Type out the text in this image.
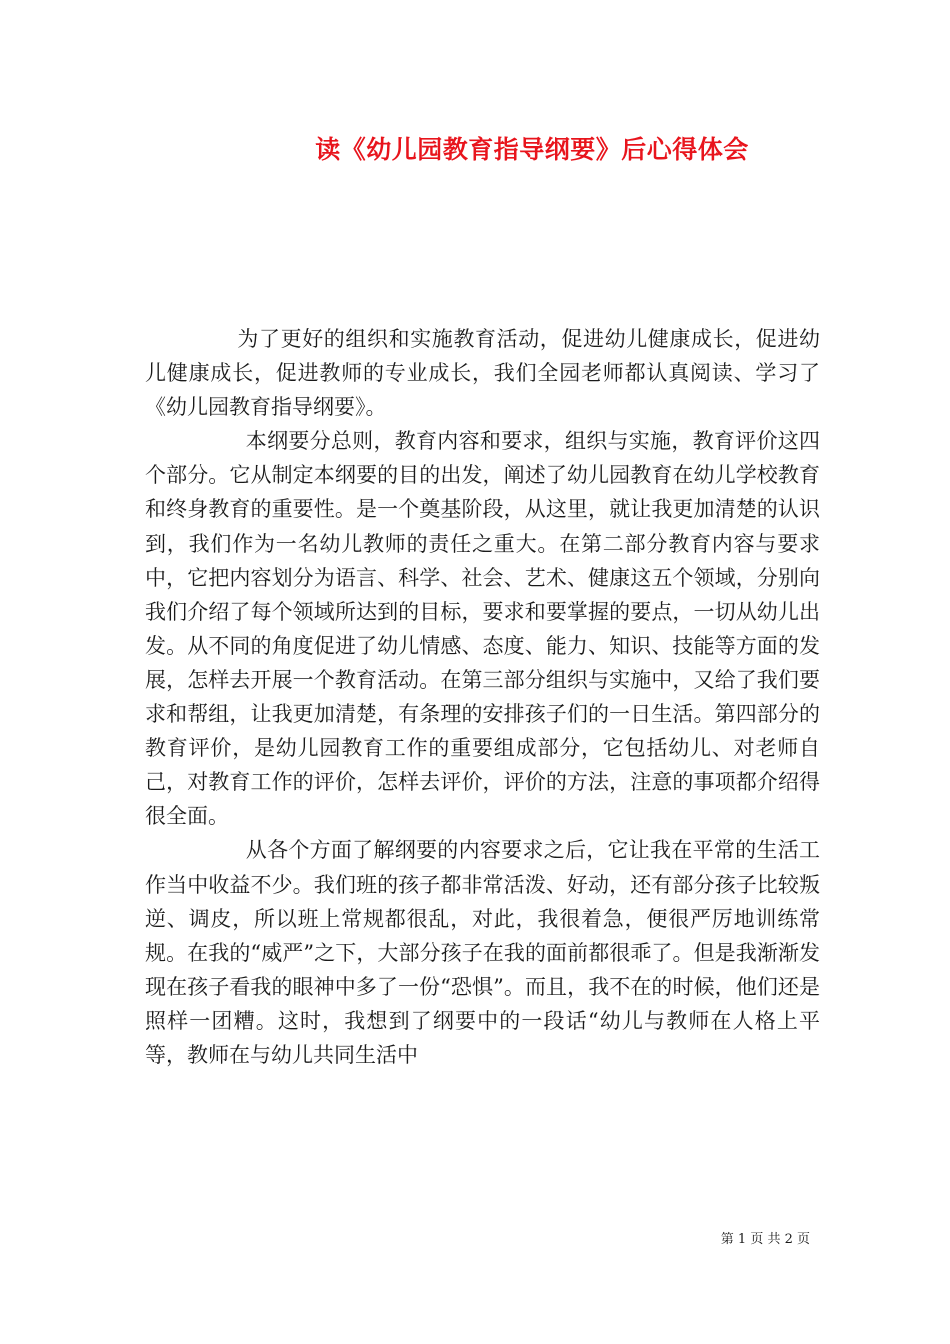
读《幼儿园教育指导纲要》后心得体会

为了更好的组织和实施教育活动，促进幼儿健康成长，促进幼儿健康成长，促进教师的专业成长，我们全园老师都认真阅读、学习了《幼儿园教育指导纲要》。

本纲要分总则，教育内容和要求，组织与实施，教育评价这四个部分。它从制定本纲要的目的出发，阐述了幼儿园教育在幼儿学校教育和终身教育的重要性。是一个奠基阶段，从这里，就让我更加清楚的认识到，我们作为一名幼儿教师的责任之重大。在第二部分教育内容与要求中，它把内容划分为语言、科学、社会、艺术、健康这五个领域，分别向我们介绍了每个领域所达到的目标，要求和要掌握的要点，一切从幼儿出发。从不同的角度促进了幼儿情感、态度、能力、知识、技能等方面的发展，怎样去开展一个教育活动。在第三部分组织与实施中，又给了我们要求和帮组，让我更加清楚，有条理的安排孩子们的一日生活。第四部分的教育评价，是幼儿园教育工作的重要组成部分，它包括幼儿、对老师自己，对教育工作的评价，怎样去评价，评价的方法，注意的事项都介绍得很全面。

从各个方面了解纲要的内容要求之后，它让我在平常的生活工作当中收益不少。我们班的孩子都非常活泼、好动，还有部分孩子比较叛逆、调皮，所以班上常规都很乱，对此，我很着急，便很严厉地训练常规。在我的“威严”之下，大部分孩子在我的面前都很乖了。但是我渐渐发现在孩子看我的眼神中多了一份“恐惧”。而且，我不在的时候，他们还是照样一团糟。这时，我想到了纲要中的一段话“幼儿与教师在人格上平等，教师在与幼儿共同生活中

第 1 页 共 2 页
